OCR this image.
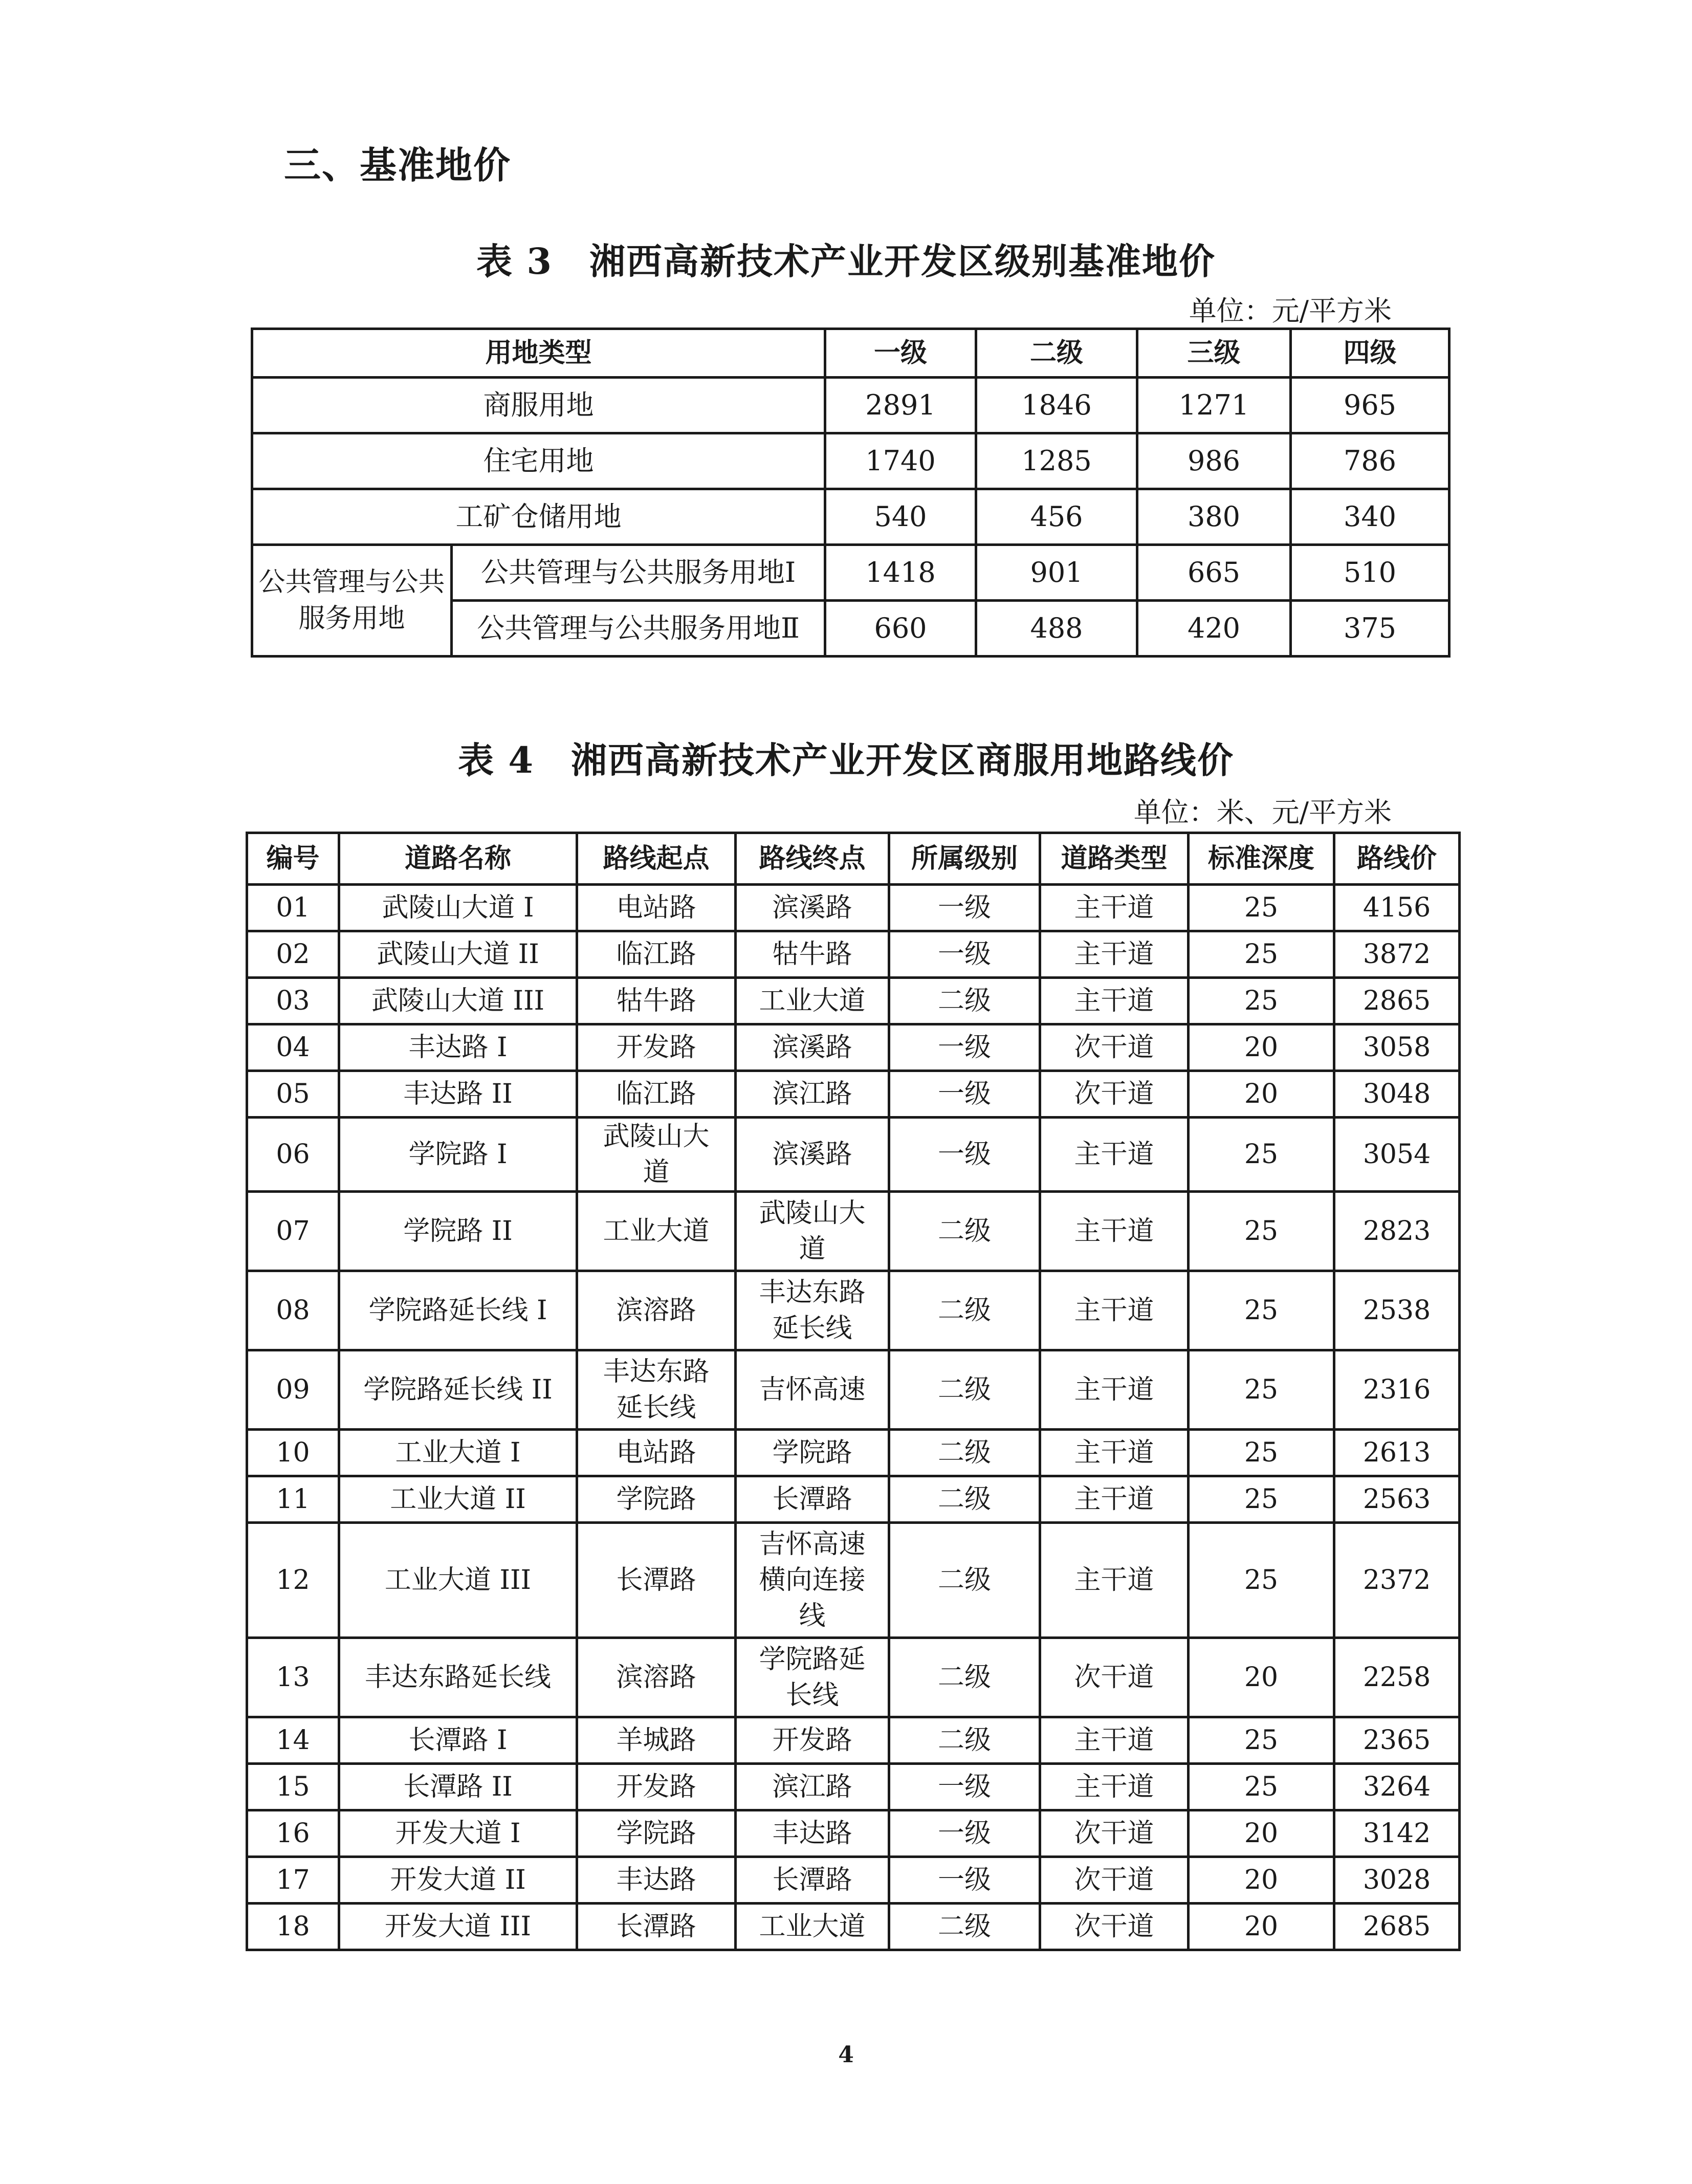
三、基准地价
表 3　湘西高新技术产业开发区级别基准地价
单位：元/平方米
用地类型		一级	二级	三级	四级
商服用地		2891	1846	1271	965
住宅用地		1740	1285	986	786
工矿仓储用地		540	456	380	340
公共管理与公共服务用地	公共管理与公共服务用地Ⅰ	1418	901	665	510
	公共管理与公共服务用地Ⅱ	660	488	420	375
表 4　湘西高新技术产业开发区商服用地路线价
单位：米、元/平方米
编号	道路名称	路线起点	路线终点	所属级别	道路类型	标准深度	路线价
01	武陵山大道 I	电站路	滨溪路	一级	主干道	25	4156
02	武陵山大道 II	临江路	牯牛路	一级	主干道	25	3872
03	武陵山大道 III	牯牛路	工业大道	二级	主干道	25	2865
04	丰达路 I	开发路	滨溪路	一级	次干道	20	3058
05	丰达路 II	临江路	滨江路	一级	次干道	20	3048
06	学院路 I	武陵山大道	滨溪路	一级	主干道	25	3054
07	学院路 II	工业大道	武陵山大道	二级	主干道	25	2823
08	学院路延长线 I	滨溶路	丰达东路延长线	二级	主干道	25	2538
09	学院路延长线 II	丰达东路延长线	吉怀高速	二级	主干道	25	2316
10	工业大道 I	电站路	学院路	二级	主干道	25	2613
11	工业大道 II	学院路	长潭路	二级	主干道	25	2563
12	工业大道 III	长潭路	吉怀高速横向连接线	二级	主干道	25	2372
13	丰达东路延长线	滨溶路	学院路延长线	二级	次干道	20	2258
14	长潭路 I	羊城路	开发路	二级	主干道	25	2365
15	长潭路 II	开发路	滨江路	一级	主干道	25	3264
16	开发大道 I	学院路	丰达路	一级	次干道	20	3142
17	开发大道 II	丰达路	长潭路	一级	次干道	20	3028
18	开发大道 III	长潭路	工业大道	二级	次干道	20	2685
4
